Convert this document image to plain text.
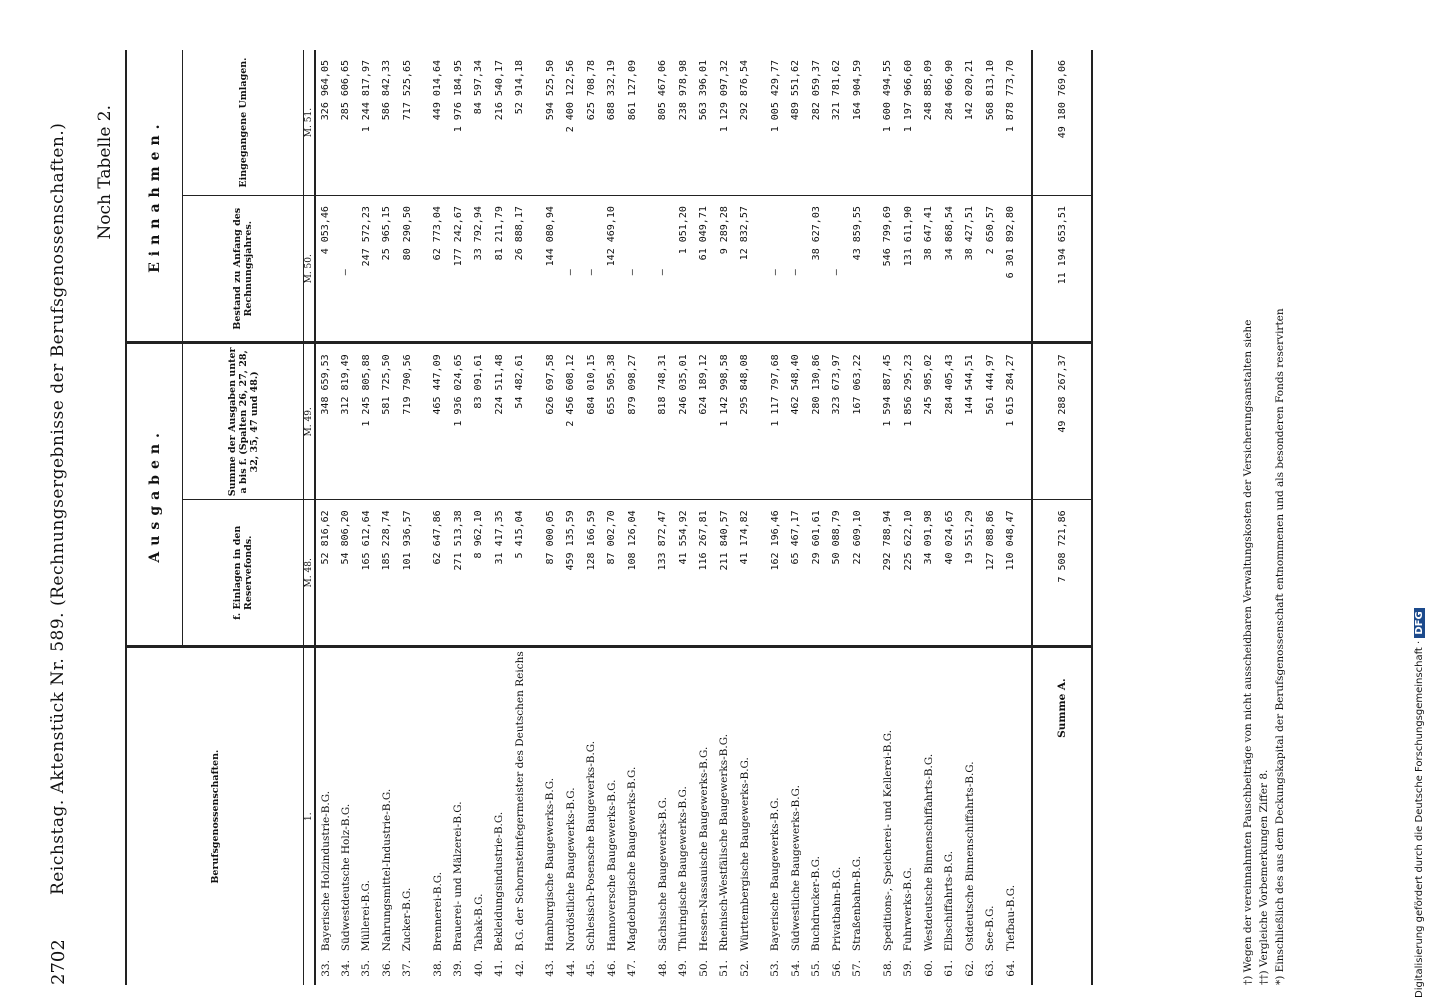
2702
Reichstag. Aktenstück Nr. 589. (Rechnungsergebnisse der Berufsgenossenschaften.) Noch Tabelle 2.
Berufsgenossenschaften.		Ausgaben.		Einnahmen.	
		f. Einlagen in den Reservefonds.	Summe der Ausgaben unter a bis f. (Spalten 26, 27, 28, 32, 35, 47 und 48.)	Bestand zu Anfang des Rechnungsjahres.	Eingegangene Umlagen.
1.		M. 48.	M. 49.	M. 50.	M. 51.
33.	Bayerische Holzindustrie-B.G.	52 816,62	348 659,53	4 053,46	326 964,05
34.	Südwestdeutsche Holz-B.G.	54 806,20	312 819,49	—	285 606,65
35.	Müllerei-B.G.	165 612,64	1 245 805,88	247 572,23	1 244 817,97
36.	Nahrungsmittel-Industrie-B.G.	185 228,74	581 725,50	25 965,15	586 842,33
37.	Zucker-B.G.	101 936,57	719 790,56	80 290,50	717 525,65

38.	Brennerei-B.G.	62 647,86	465 447,09	62 773,04	449 014,64
39.	Brauerei- und Mälzerei-B.G.	271 513,38	1 936 024,65	177 242,67	1 976 184,95
40.	Tabak-B.G.	8 962,10	83 091,61	33 792,94	84 597,34
41.	Bekleidungsindustrie-B.G.	31 417,35	224 511,48	81 211,79	216 540,17
42.	B.G. der Schornsteinfegermeister des Deutschen Reichs	5 415,04	54 482,61	26 888,17	52 914,18

43.	Hamburgische Baugewerks-B.G.	87 000,05	626 697,58	144 080,94	594 525,50
44.	Nordöstliche Baugewerks-B.G.	459 135,59	2 456 608,12	—	2 400 122,56
45.	Schlesisch-Posensche Baugewerks-B.G.	128 166,59	684 010,15	—	625 708,78
46.	Hannoversche Baugewerks-B.G.	87 002,70	655 505,38	142 469,10	688 332,19
47.	Magdeburgische Baugewerks-B.G.	108 126,04	879 098,27	—	861 127,09

48.	Sächsische Baugewerks-B.G.	133 872,47	818 748,31	—	805 467,06
49.	Thüringische Baugewerks-B.G.	41 554,92	246 035,01	1 051,20	238 978,98
50.	Hessen-Nassauische Baugewerks-B.G.	116 267,81	624 189,12	61 049,71	563 396,01
51.	Rheinisch-Westfälische Baugewerks-B.G.	211 840,57	1 142 998,58	9 289,28	1 129 097,32
52.	Württembergische Baugewerks-B.G.	41 174,82	295 848,08	12 832,57	292 876,54

53.	Bayerische Baugewerks-B.G.	162 196,46	1 117 797,68	—	1 005 429,77
54.	Südwestliche Baugewerks-B.G.	65 467,17	462 548,40	—	489 551,62
55.	Buchdrucker-B.G.	29 601,61	280 130,86	38 627,03	282 059,37
56.	Privatbahn-B.G.	50 088,79	323 673,97	—	321 781,62
57.	Straßenbahn-B.G.	22 609,10	167 063,22	43 859,55	164 904,59

58.	Speditions-, Speicherei- und Kellerei-B.G.	292 788,94	1 594 887,45	546 799,69	1 600 494,55
59.	Fuhrwerks-B.G.	225 622,10	1 856 295,23	131 611,90	1 197 966,60
60.	Westdeutsche Binnenschiffahrts-B.G.	34 091,98	245 985,02	38 647,41	248 885,09
61.	Elbschiffahrts-B.G.	40 024,65	284 405,43	34 868,54	284 066,90
62.	Ostdeutsche Binnenschiffahrts-B.G.	19 551,29	144 544,51	38 427,51	142 020,21
63.	See-B.G.	127 088,86	561 444,97	2 650,57	568 813,10
64.	Tiefbau-B.G.	110 048,47	1 615 284,27	6 301 892,80	1 878 773,70

Summe A.		7 508 721,86	49 288 267,37	11 194 653,51	49 180 769,06
†) Wegen der vereinnahmten Pauschbeiträge von nicht ausscheidbaren Verwaltungskosten der Versicherungsanstalten siehe ††) Vergleiche Vorbemerkungen Ziffer 8. *) Einschließlich des aus dem Deckungskapital der Berufsgenossenschaft entnommenen und als besonderen Fonds reservirten	Digitalisierung gefördert durch die Deutsche Forschungsgemeinschaft · DFG
